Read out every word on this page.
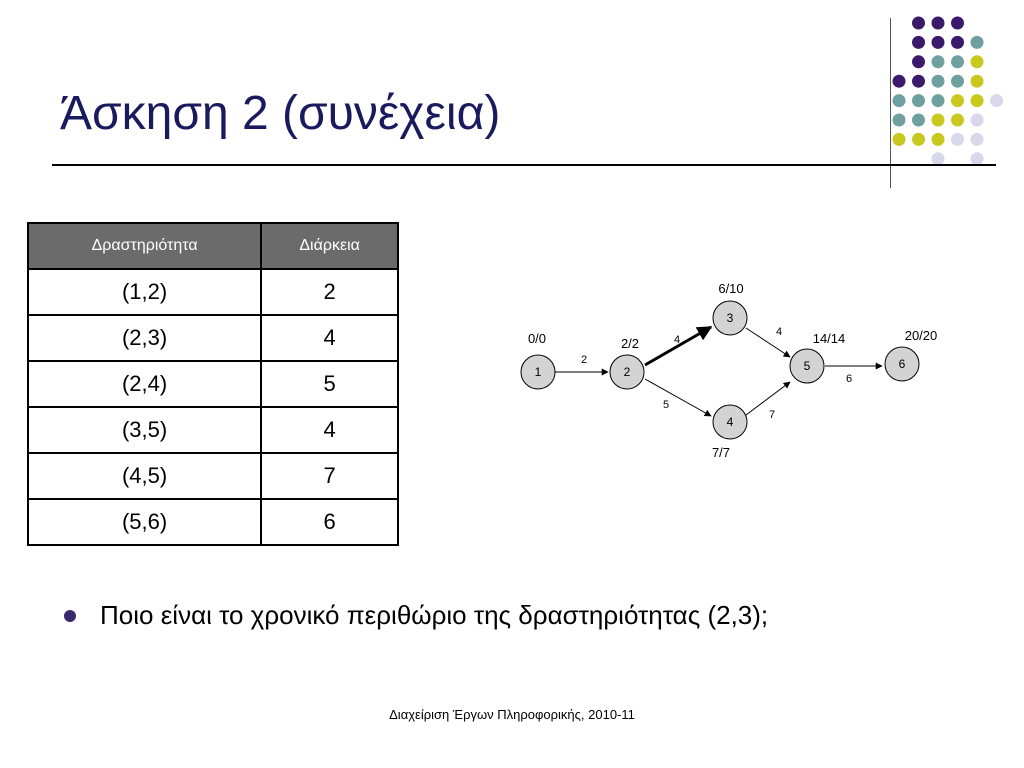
Άσκηση 2 (συνέχεια)
Δραστηριότητα	Διάρκεια
(1,2)	2
(2,3)	4
(2,4)	5
(3,5)	4
(4,5)	7
(5,6)	6
2
4
5
4
7
6
1	2
3
4
5	6
0/0	2/2
6/10
7/7
14/14	20/20
Ποιο είναι το χρονικό περιθώριο της δραστηριότητας (2,3);
Διαχείριση Έργων Πληροφορικής, 2010-11
